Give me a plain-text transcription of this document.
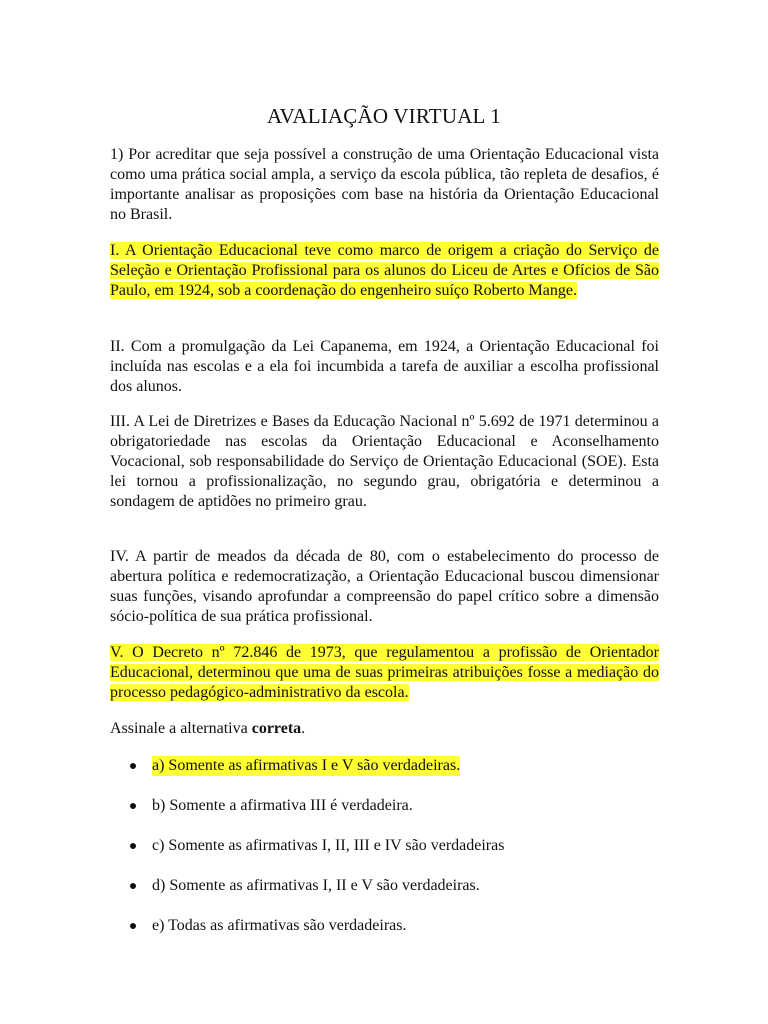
AVALIAÇÃO VIRTUAL 1

1) Por acreditar que seja possível a construção de uma Orientação Educacional vista como uma prática social ampla, a serviço da escola pública, tão repleta de desafios, é importante analisar as proposições com base na história da Orientação Educacional no Brasil.

I. A Orientação Educacional teve como marco de origem a criação do Serviço de Seleção e Orientação Profissional para os alunos do Liceu de Artes e Ofícios de São Paulo, em 1924, sob a coordenação do engenheiro suíço Roberto Mange.

II. Com a promulgação da Lei Capanema, em 1924, a Orientação Educacional foi incluída nas escolas e a ela foi incumbida a tarefa de auxiliar a escolha profissional dos alunos.

III. A Lei de Diretrizes e Bases da Educação Nacional nº 5.692 de 1971 determinou a obrigatoriedade nas escolas da Orientação Educacional e Aconselhamento Vocacional, sob responsabilidade do Serviço de Orientação Educacional (SOE). Esta lei tornou a profissionalização, no segundo grau, obrigatória e determinou a sondagem de aptidões no primeiro grau.

IV. A partir de meados da década de 80, com o estabelecimento do processo de abertura política e redemocratização, a Orientação Educacional buscou dimensionar suas funções, visando aprofundar a compreensão do papel crítico sobre a dimensão sócio-política de sua prática profissional.

V. O Decreto nº 72.846 de 1973, que regulamentou a profissão de Orientador Educacional, determinou que uma de suas primeiras atribuições fosse a mediação do processo pedagógico-administrativo da escola.

Assinale a alternativa correta.

a) Somente as afirmativas I e V são verdadeiras.
b) Somente a afirmativa III é verdadeira.
c) Somente as afirmativas I, II, III e IV são verdadeiras
d) Somente as afirmativas I, II e V são verdadeiras.
e) Todas as afirmativas são verdadeiras.
